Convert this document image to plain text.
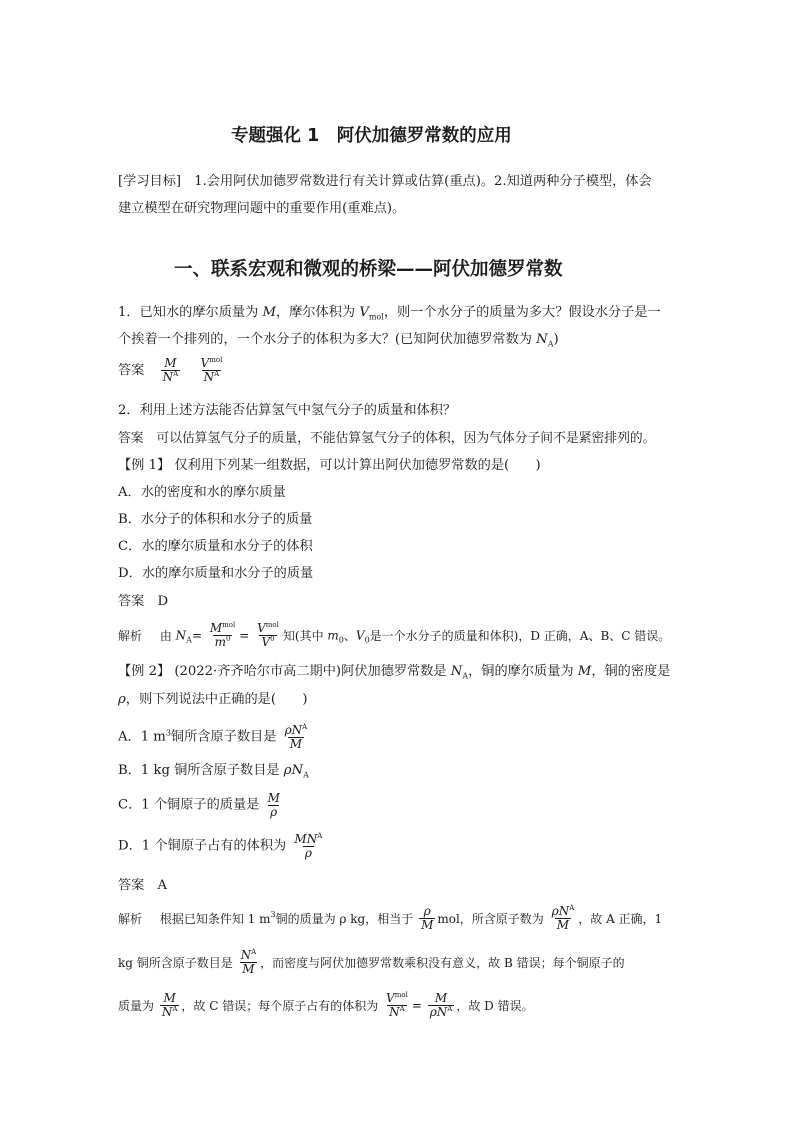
专题强化 1　阿伏加德罗常数的应用
[学习目标]　1.会用阿伏加德罗常数进行有关计算或估算(重点)。2.知道两种分子模型，体会
建立模型在研究物理问题中的重要作用(重难点)。
一、联系宏观和微观的桥梁——阿伏加德罗常数
1．已知水的摩尔质量为 M，摩尔体积为 $V_{mol}$，则一个水分子的质量为多大？假设水分子是一
个挨着一个排列的，一个水分子的体积为多大？(已知阿伏加德罗常数为 $N_A$)
答案 $\frac{M}{N^A}$
$\frac{V^{mol}}{N^A}$
2．利用上述方法能否估算氢气中氢气分子的质量和体积？
答案　可以估算氢气分子的质量，不能估算氢气分子的体积，因为气体分子间不是紧密排列的。
【例 1】 仅利用下列某一组数据，可以计算出阿伏加德罗常数的是(　　)
A．水的密度和水的摩尔质量
B．水分子的体积和水分子的质量
C．水的摩尔质量和水分子的体积
D．水的摩尔质量和水分子的质量
答案　D
解析 由 $N_A= \frac{M^{mol}}{m^0} = \frac{V^{mol}}{V^0}$ 知(其中 $m_0$、$V_0$是一个水分子的质量和体积)，D 正确，A、B、C 错误。
【例 2】 (2022·齐齐哈尔市高二期中)阿伏加德罗常数是 $N_A$，铜的摩尔质量为 M，铜的密度是
ρ，则下列说法中正确的是(　　)
A．1 $m^3$铜所含原子数目是 $\frac{\rho N^A}{M}$
B．1 kg 铜所含原子数目是 $\rho N_A$
C．1 个铜原子的质量是 $\frac{M}{\rho}$
D．1 个铜原子占有的体积为 $\frac{MN^A}{\rho}$
答案　A
解析 根据已知条件知 1 $m^3$铜的质量为 ρ kg，相当于 $\frac{\rho}{M}$ mol，所含原子数为 $\frac{\rho N^A}{M}$ ，故 A 正确，1
kg 铜所含原子数目是 $\frac{N^A}{M}$ ，而密度与阿伏加德罗常数乘积没有意义，故 B 错误；每个铜原子的
质量为 $\frac{M}{N^A}$ ，故 C 错误；每个原子占有的体积为 $\frac{V^{mol}}{N^A} = \frac{M}{\rho N^A}$ ，故 D 错误。
